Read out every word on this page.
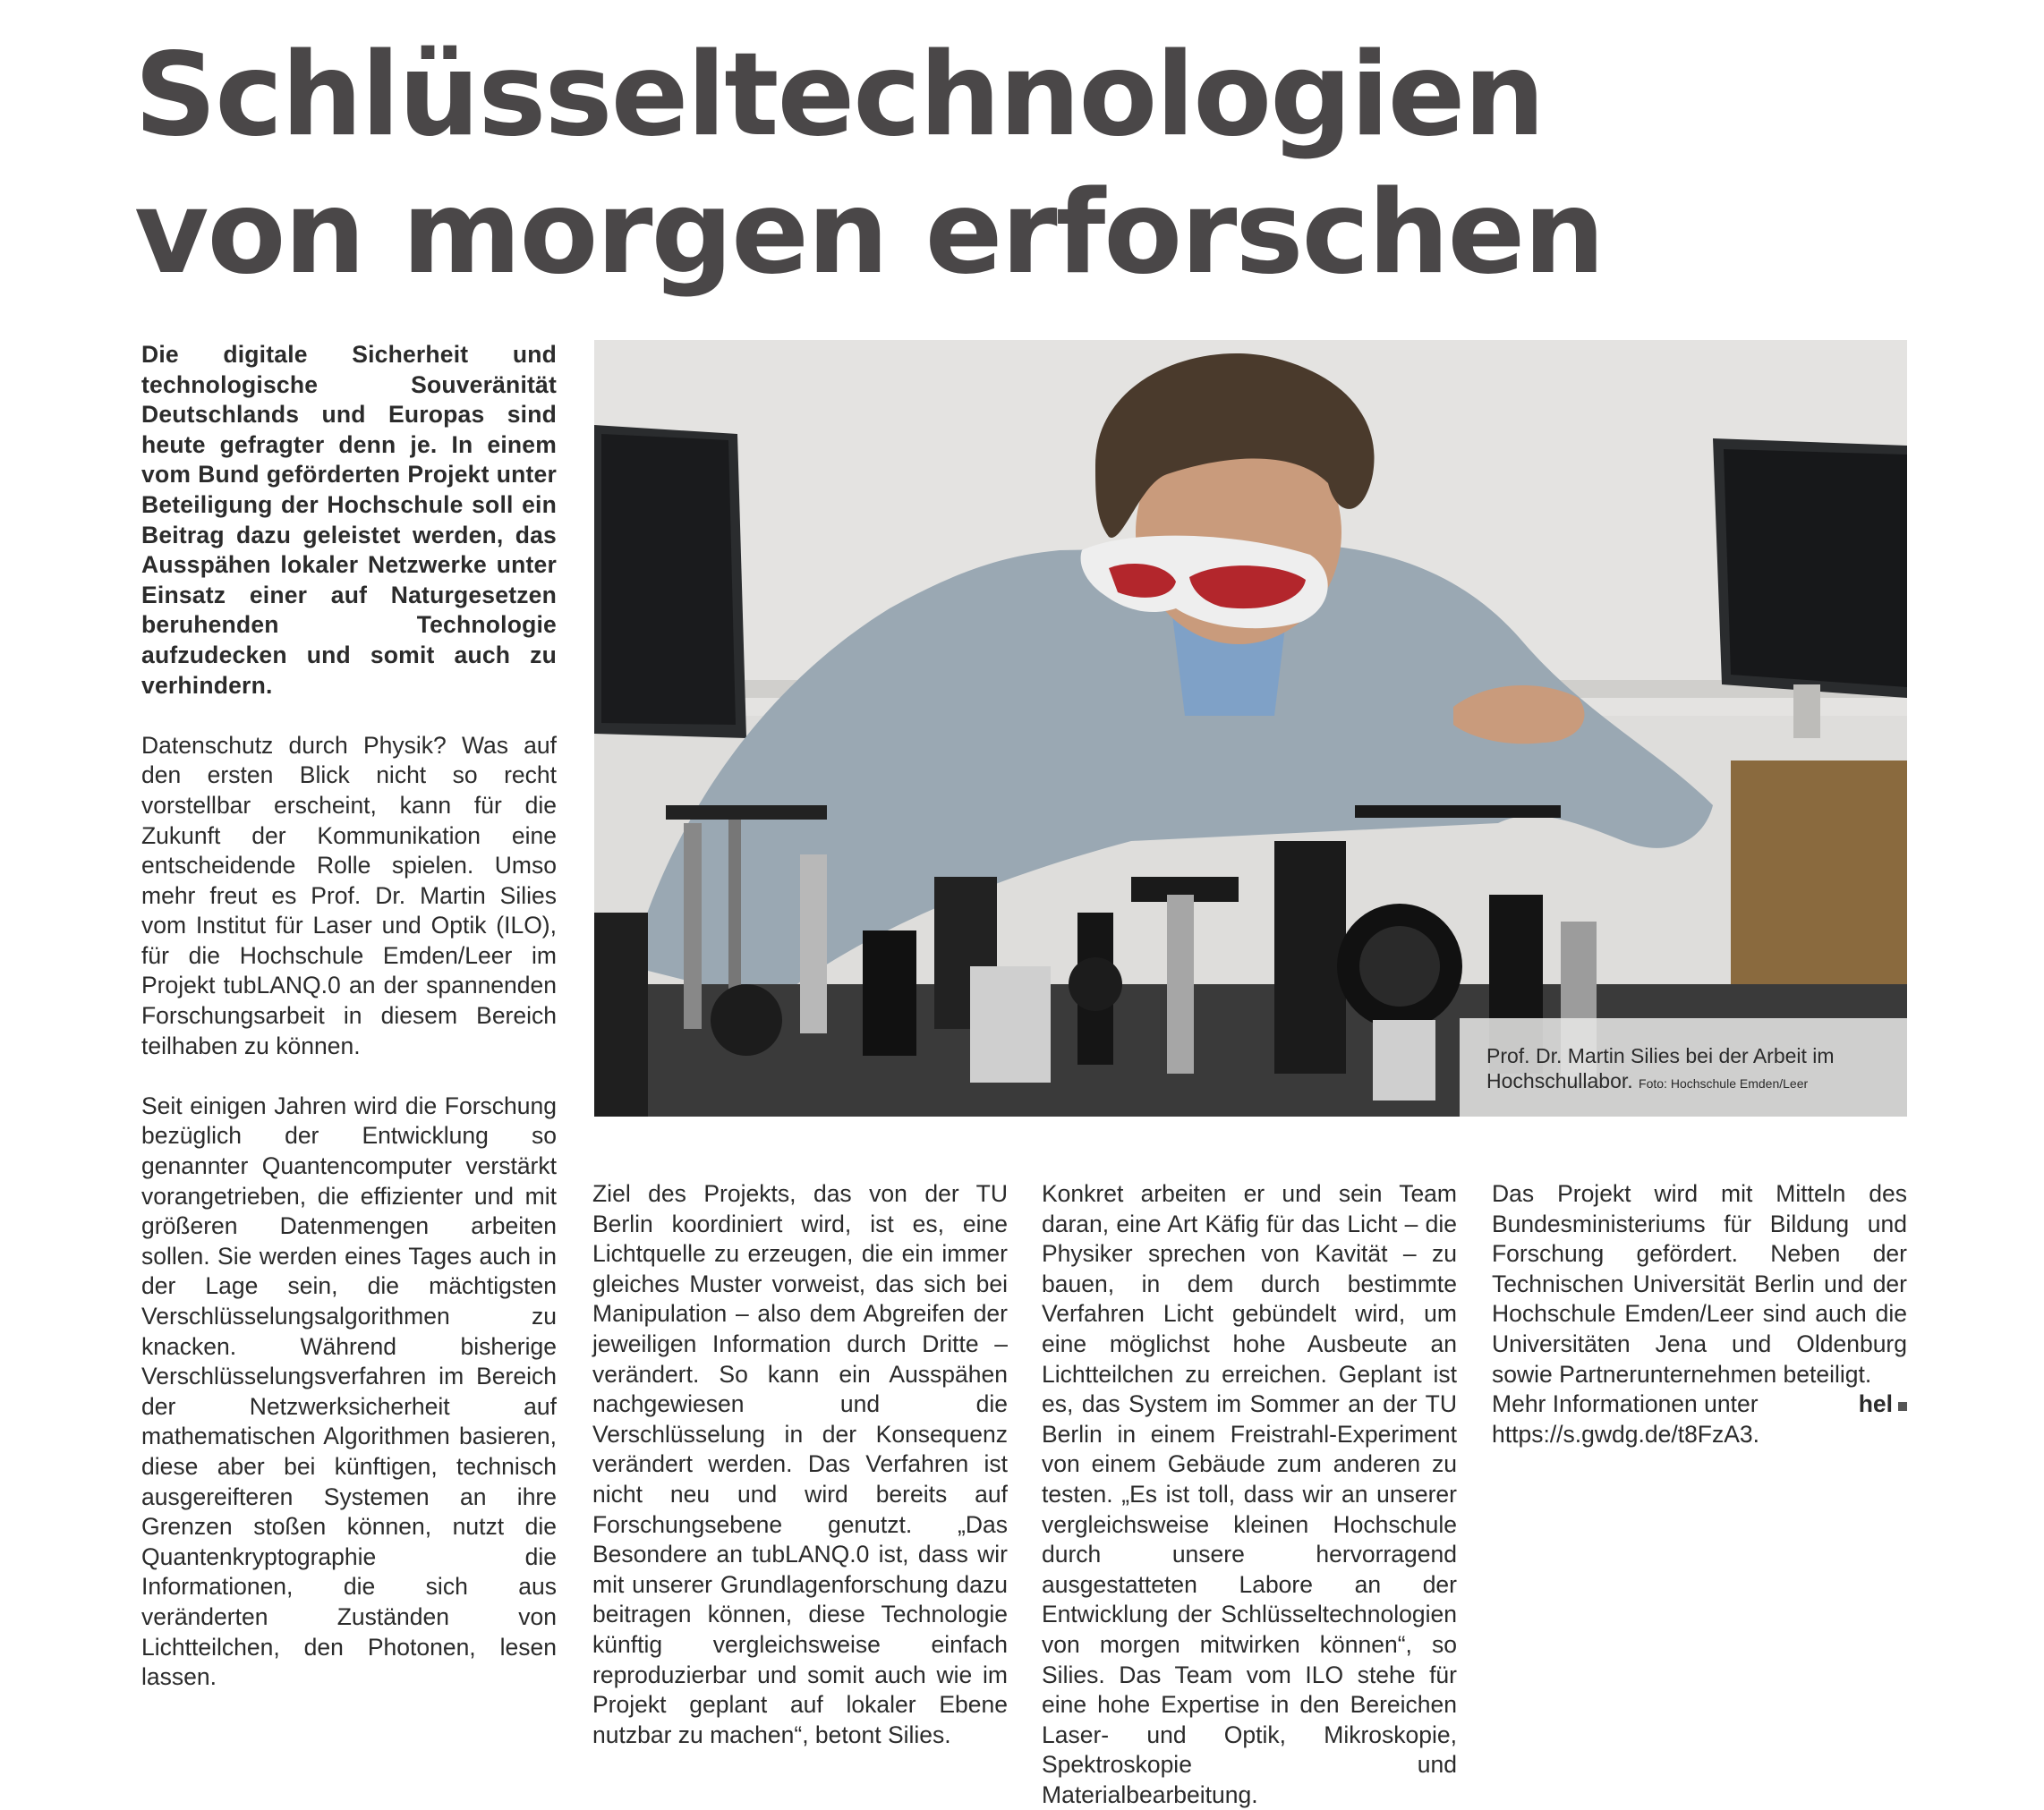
Schlüsseltechnologien
von morgen erforschen

Die digitale Sicherheit und technologische Souveränität Deutschlands und Europas sind heute gefragter denn je. In einem vom Bund geförderten Projekt unter Beteiligung der Hochschule soll ein Beitrag dazu geleistet werden, das Ausspähen lokaler Netzwerke unter Einsatz einer auf Naturgesetzen beruhenden Technologie aufzudecken und somit auch zu verhindern.

Datenschutz durch Physik? Was auf den ersten Blick nicht so recht vorstellbar erscheint, kann für die Zukunft der Kommunikation eine entscheidende Rolle spielen. Umso mehr freut es Prof. Dr. Martin Silies vom Institut für Laser und Optik (ILO), für die Hochschule Emden/Leer im Projekt tubLANQ.0 an der spannenden Forschungsarbeit in diesem Bereich teilhaben zu können.

Seit einigen Jahren wird die Forschung bezüglich der Entwicklung so genannter Quantencomputer verstärkt vorangetrieben, die effizienter und mit größeren Datenmengen arbeiten sollen. Sie werden eines Tages auch in der Lage sein, die mächtigsten Verschlüsselungsalgorithmen zu knacken. Während bisherige Verschlüsselungsverfahren im Bereich der Netzwerksicherheit auf mathematischen Algorithmen basieren, diese aber bei künftigen, technisch ausgereifteren Systemen an ihre Grenzen stoßen können, nutzt die Quantenkryptographie die Informationen, die sich aus veränderten Zuständen von Lichtteilchen, den Photonen, lesen lassen.

Prof. Dr. Martin Silies bei der Arbeit im Hochschullabor. Foto: Hochschule Emden/Leer

Ziel des Projekts, das von der TU Berlin koordiniert wird, ist es, eine Lichtquelle zu erzeugen, die ein immer gleiches Muster vorweist, das sich bei Manipulation – also dem Abgreifen der jeweiligen Information durch Dritte – verändert. So kann ein Ausspähen nachgewiesen und die Verschlüsselung in der Konsequenz verändert werden. Das Verfahren ist nicht neu und wird bereits auf Forschungsebene genutzt. „Das Besondere an tubLANQ.0 ist, dass wir mit unserer Grundlagenforschung dazu beitragen können, diese Technologie künftig vergleichsweise einfach reproduzierbar und somit auch wie im Projekt geplant auf lokaler Ebene nutzbar zu machen“, betont Silies.

Konkret arbeiten er und sein Team daran, eine Art Käfig für das Licht – die Physiker sprechen von Kavität – zu bauen, in dem durch bestimmte Verfahren Licht gebündelt wird, um eine möglichst hohe Ausbeute an Lichtteilchen zu erreichen. Geplant ist es, das System im Sommer an der TU Berlin in einem Freistrahl-Experiment von einem Gebäude zum anderen zu testen. „Es ist toll, dass wir an unserer vergleichsweise kleinen Hochschule durch unsere hervorragend ausgestatteten Labore an der Entwicklung der Schlüsseltechnologien von morgen mitwirken können“, so Silies. Das Team vom ILO stehe für eine hohe Expertise in den Bereichen Laser- und Optik, Mikroskopie, Spektroskopie und Materialbearbeitung.

Das Projekt wird mit Mitteln des Bundesministeriums für Bildung und Forschung gefördert. Neben der Technischen Universität Berlin und der Hochschule Emden/Leer sind auch die Universitäten Jena und Oldenburg sowie Partnerunternehmen beteiligt.
hel

Mehr Informationen unter
https://s.gwdg.de/t8FzA3.
